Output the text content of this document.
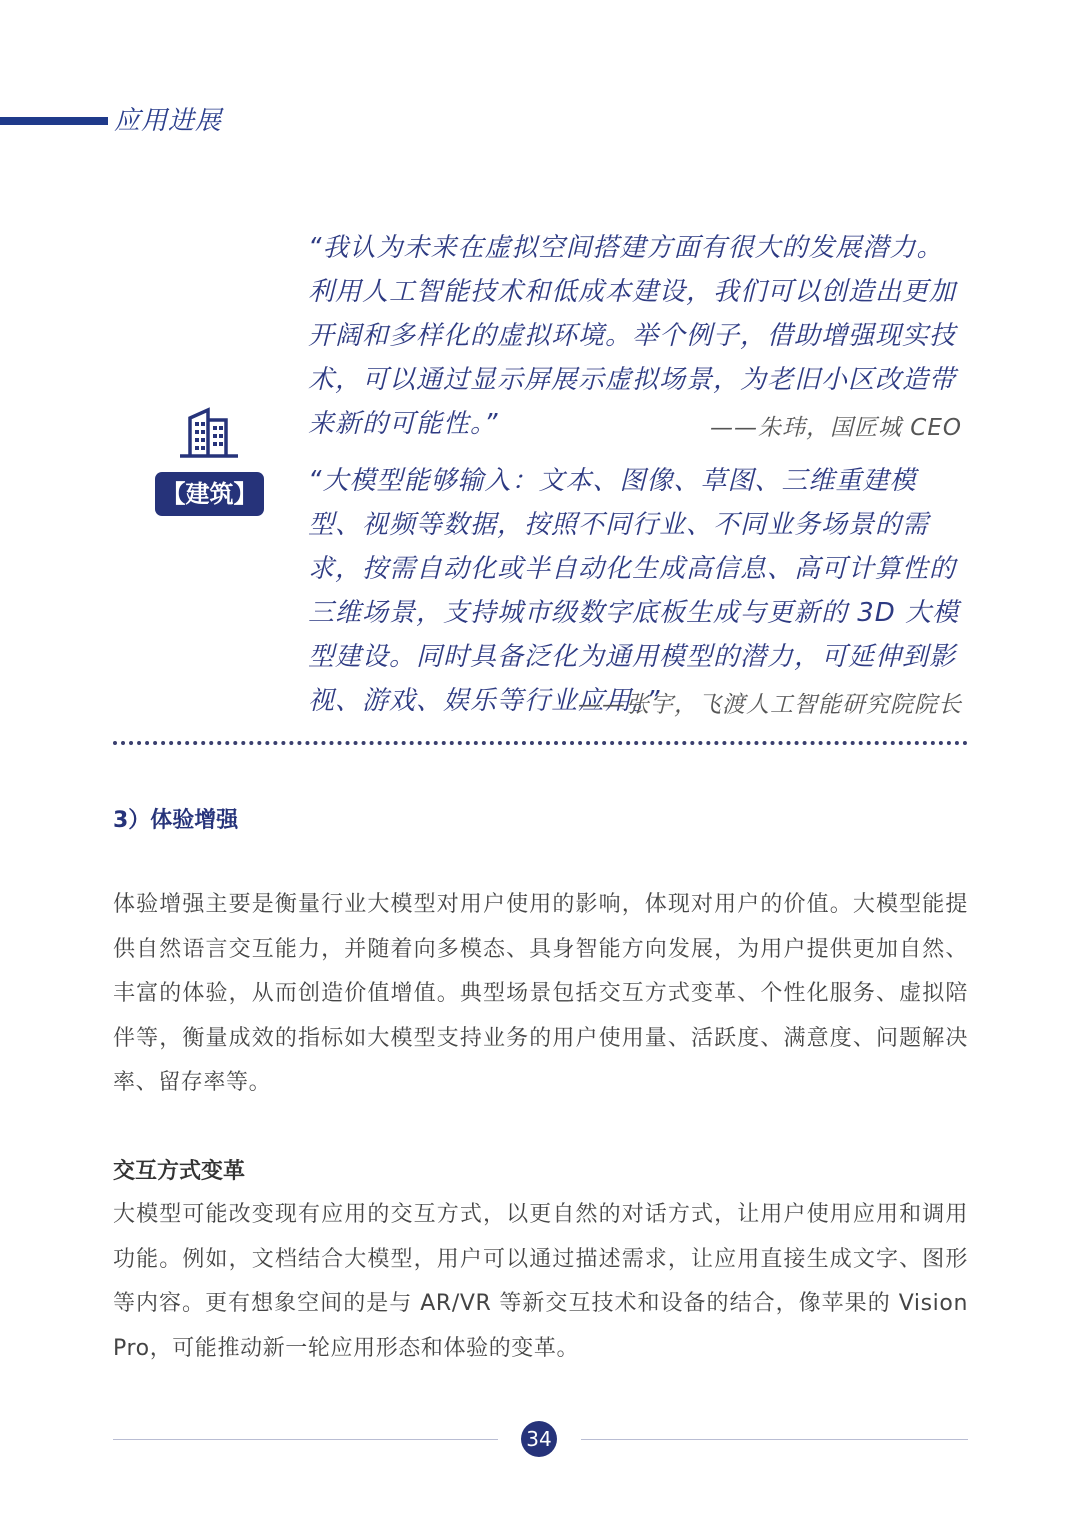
应用进展
【建筑】

“我认为未来在虚拟空间搭建方面有很大的发展潜力。利用人工智能技术和低成本建设，我们可以创造出更加开阔和多样化的虚拟环境。举个例子，借助增强现实技术，可以通过显示屏展示虚拟场景，为老旧小区改造带来新的可能性。”	——朱玮，国匠城 CEO

“大模型能够输入：文本、图像、草图、三维重建模型、视频等数据，按照不同行业、不同业务场景的需求，按需自动化或半自动化生成高信息、高可计算性的三维场景，支持城市级数字底板生成与更新的 3D 大模型建设。同时具备泛化为通用模型的潜力，可延伸到影视、游戏、娱乐等行业应用。”

——张宇，飞渡人工智能研究院院长
3）体验增强

体验增强主要是衡量行业大模型对用户使用的影响，体现对用户的价值。大模型能提供自然语言交互能力，并随着向多模态、具身智能方向发展，为用户提供更加自然、丰富的体验，从而创造价值增值。典型场景包括交互方式变革、个性化服务、虚拟陪伴等，衡量成效的指标如大模型支持业务的用户使用量、活跃度、满意度、问题解决率、留存率等。

交互方式变革

大模型可能改变现有应用的交互方式，以更自然的对话方式，让用户使用应用和调用功能。例如，文档结合大模型，用户可以通过描述需求，让应用直接生成文字、图形等内容。更有想象空间的是与 AR/VR 等新交互技术和设备的结合，像苹果的 Vision Pro，可能推动新一轮应用形态和体验的变革。

34
